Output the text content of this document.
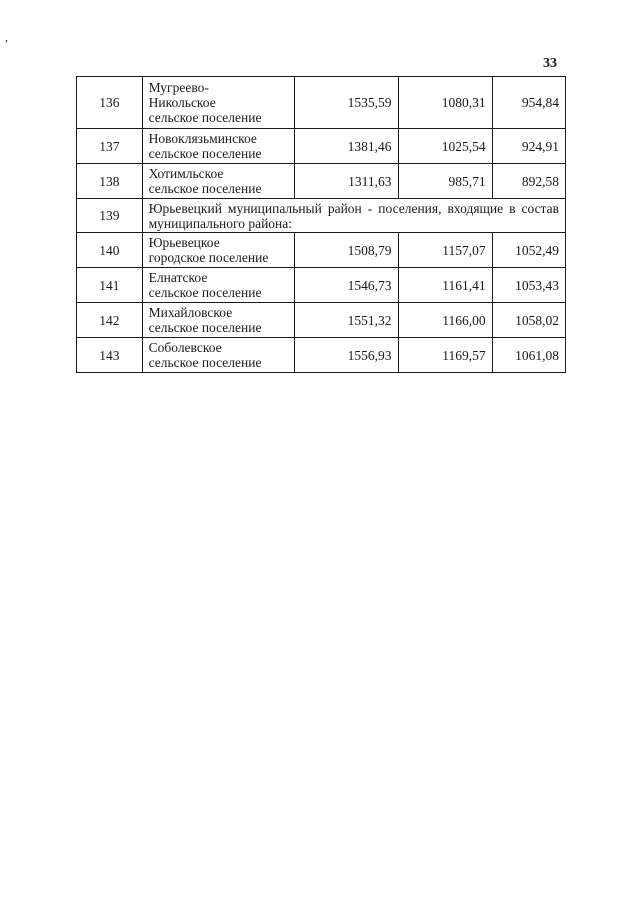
,
33
136	Мугреево-
Никольское
сельское поселение	1535,59	1080,31	954,84
137	Новоклязьминское
сельское поселение	1381,46	1025,54	924,91
138	Хотимльское
сельское поселение	1311,63	985,71	892,58
139	Юрьевецкий муниципальный район - поселения, входящие в состав муниципального района:			
140	Юрьевецкое
городское поселение	1508,79	1157,07	1052,49
141	Елнатское
сельское поселение	1546,73	1161,41	1053,43
142	Михайловское
сельское поселение	1551,32	1166,00	1058,02
143	Соболевское
сельское поселение	1556,93	1169,57	1061,08
